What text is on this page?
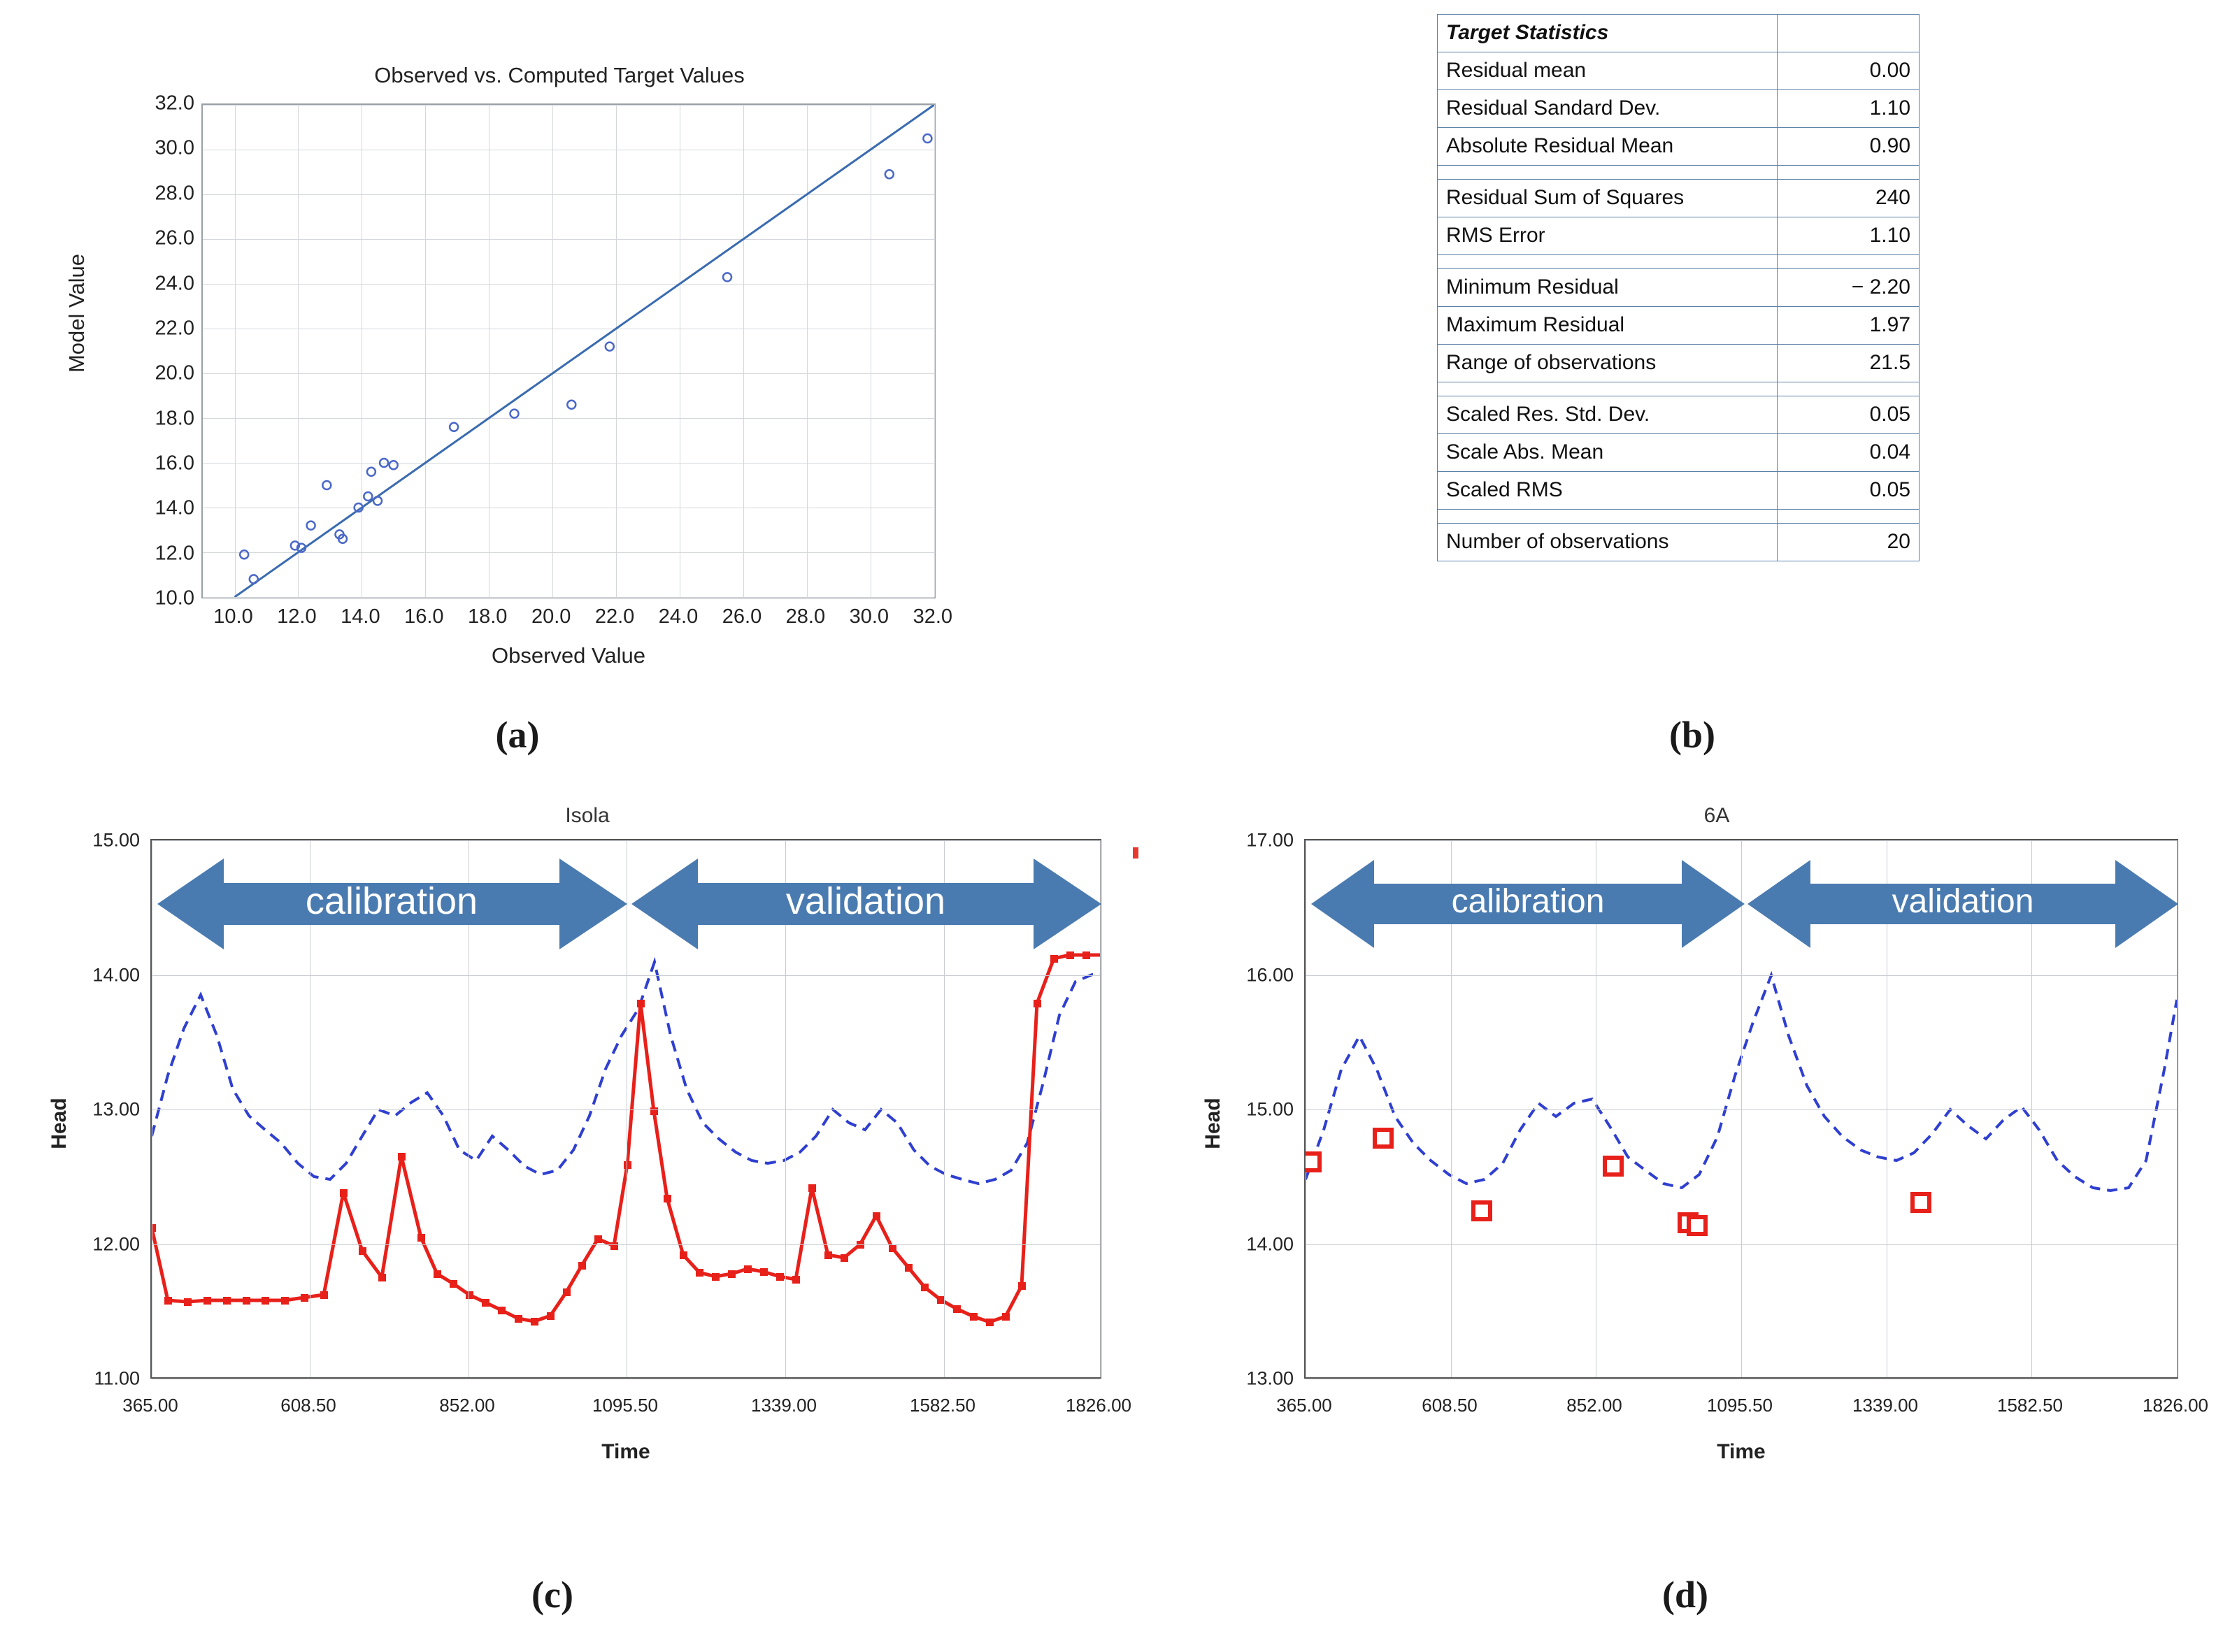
Observed vs. Computed Target Values
Model Value
10.0
12.0
14.0
16.0
18.0
20.0
22.0
24.0
26.0
28.0
30.0
32.0
10.0	12.0	14.0	16.0	18.0	20.0	22.0	24.0	26.0	28.0	30.0	32.0
Observed Value
(a)
Target Statistics	
Residual mean	0.00
Residual Sandard Dev.	1.10
Absolute Residual Mean	0.90

Residual Sum of Squares	240
RMS Error	1.10

Minimum Residual	− 2.20
Maximum Residual	1.97
Range of observations	21.5

Scaled Res. Std. Dev.	0.05
Scale Abs. Mean	0.04
Scaled RMS	0.05

Number of observations	20
(b)
Isola
Head
15.00
14.00
13.00
12.00
11.00
calibration	validation
365.00	608.50	852.00	1095.50	1339.00	1582.50	1826.00
Time
(c)
6A
Head
17.00
16.00
15.00
14.00
13.00
calibration	validation
365.00	608.50	852.00	1095.50	1339.00	1582.50	1826.00
Time
(d)
